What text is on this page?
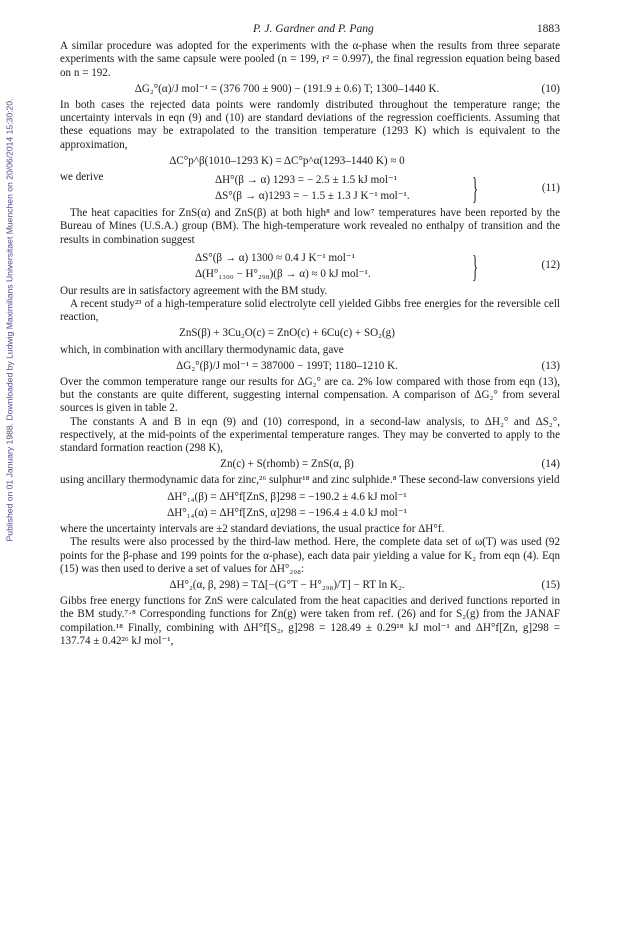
Published on 01 January 1988. Downloaded by Ludwig Maximilians Universitaet Muenchen on 20/06/2014 15:30:20.
P. J. Gardner and P. Pang	1883

A similar procedure was adopted for the experiments with the α-phase when the results from three separate experiments with the same capsule were pooled (n = 199, r² = 0.997), the final regression equation being based on n = 192.

ΔG₂°(α)/J mol⁻¹ = (376 700 ± 900) − (191.9 ± 0.6) T; 1300–1440 K.	(10)

In both cases the rejected data points were randomly distributed throughout the temperature range; the uncertainty intervals in eqn (9) and (10) are standard deviations of the regression coefficients. Assuming that these equations may be extrapolated to the transition temperature (1293 K) which is equivalent to the approximation,

ΔC°p^β(1010–1293 K) = ΔC°p^α(1293–1440 K) ≈ 0
we derive	ΔH°(β → α) 1293 = − 2.5 ± 1.5 kJ mol⁻¹
ΔS°(β → α)1293 = − 1.5 ± 1.3 J K⁻¹ mol⁻¹.	}	(11)

The heat capacities for ZnS(α) and ZnS(β) at both high⁸ and low⁷ temperatures have been reported by the Bureau of Mines (U.S.A.) group (BM). The high-temperature work revealed no enthalpy of transition and the results in combination suggest

ΔS°(β → α) 1300 ≈ 0.4 J K⁻¹ mol⁻¹
Δ(H°₁₃₀₀ − H°₂₉₈)(β → α) ≈ 0 kJ mol⁻¹.	}	(12)

Our results are in satisfactory agreement with the BM study.

A recent study²³ of a high-temperature solid electrolyte cell yielded Gibbs free energies for the reversible cell reaction,

ZnS(β) + 3Cu₂O(c) = ZnO(c) + 6Cu(c) + SO₂(g)

which, in combination with ancillary thermodynamic data, gave

ΔG₂°(β)/J mol⁻¹ = 387000 − 199T; 1180–1210 K.	(13)

Over the common temperature range our results for ΔG₂° are ca. 2% low compared with those from eqn (13), but the constants are quite different, suggesting internal compensation. A comparison of ΔG₂° from several sources is given in table 2.

The constants A and B in eqn (9) and (10) correspond, in a second-law analysis, to ΔH₂° and ΔS₂°, respectively, at the mid-points of the experimental temperature ranges. They may be converted to apply to the standard formation reaction (298 K),

Zn(c) + S(rhomb) = ZnS(α, β)	(14)

using ancillary thermodynamic data for zinc,²⁶ sulphur¹⁸ and zinc sulphide.⁸ These second-law conversions yield

ΔH°₁₄(β) = ΔH°f[ZnS, β]298 = −190.2 ± 4.6 kJ mol⁻¹
ΔH°₁₄(α) = ΔH°f[ZnS, α]298 = −196.4 ± 4.0 kJ mol⁻¹

where the uncertainty intervals are ±2 standard deviations, the usual practice for ΔH°f.

The results were also processed by the third-law method. Here, the complete data set of ω(T) was used (92 points for the β-phase and 199 points for the α-phase), each data pair yielding a value for K₂ from eqn (4). Eqn (15) was then used to derive a set of values for ΔH°₂₉₈:

ΔH°₂(α, β, 298) = TΔ[−(G°T − H°₂₉₈)/T] − RT ln K₂.	(15)

Gibbs free energy functions for ZnS were calculated from the heat capacities and derived functions reported in the BM study.⁷·⁸ Corresponding functions for Zn(g) were taken from ref. (26) and for S₂(g) from the JANAF compilation.¹⁸ Finally, combining with ΔH°f[S₂, g]298 = 128.49 ± 0.29¹⁸ kJ mol⁻¹ and ΔH°f[Zn, g]298 = 137.74 ± 0.42²⁶ kJ mol⁻¹,
